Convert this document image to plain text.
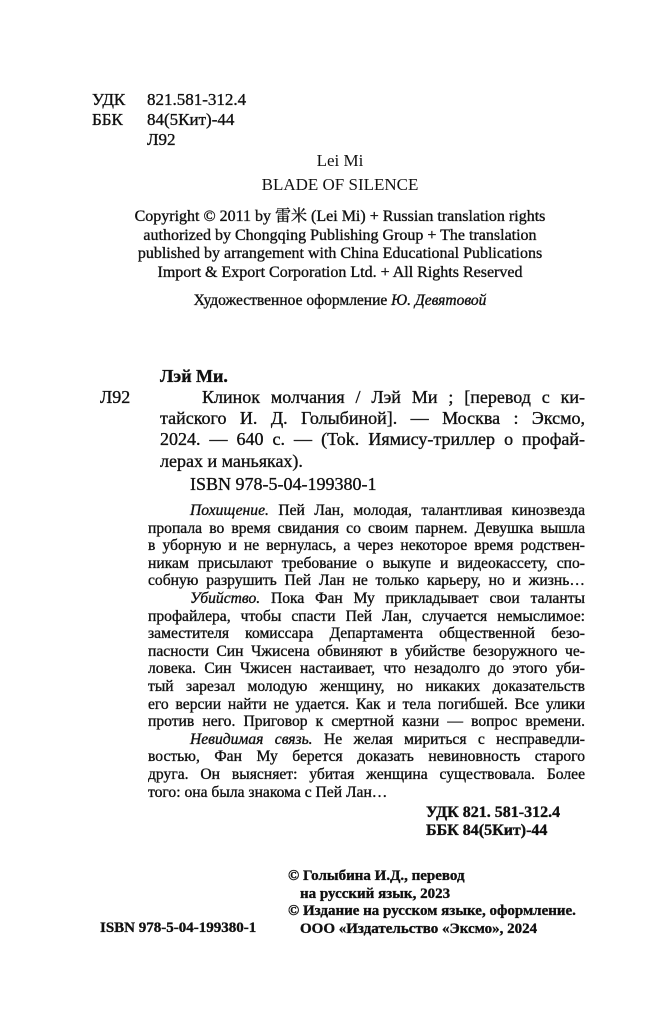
УДК 821.581-312.4
ББК 84(5Кит)-44
Л92
Lei Mi
BLADE OF SILENCE
Copyright © 2011 by 雷米 (Lei Mi) + Russian translation rights
authorized by Chongqing Publishing Group + The translation
published by arrangement with China Educational Publications
Import & Export Corporation Ltd. + All Rights Reserved
Художественное оформление Ю. Девятовой
Лэй Ми.
Л92	Клинок молчания / Лэй Ми ; [перевод с ки-
тайского И. Д. Голыбиной]. — Москва : Эксмо,
2024. — 640 с. — (Tok. Иямису-триллер о профай-
лерах и маньяках).
ISBN 978-5-04-199380-1
Похищение. Пей Лан, молодая, талантливая кинозвезда
пропала во время свидания со своим парнем. Девушка вышла
в уборную и не вернулась, а через некоторое время родствен-
никам присылают требование о выкупе и видеокассету, спо-
собную разрушить Пей Лан не только карьеру, но и жизнь…
Убийство. Пока Фан Му прикладывает свои таланты
профайлера, чтобы спасти Пей Лан, случается немыслимое:
заместителя комиссара Департамента общественной безо-
пасности Син Чжисена обвиняют в убийстве безоружного че-
ловека. Син Чжисен настаивает, что незадолго до этого уби-
тый зарезал молодую женщину, но никаких доказательств
его версии найти не удается. Как и тела погибшей. Все улики
против него. Приговор к смертной казни — вопрос времени.
Невидимая связь. Не желая мириться с несправедли-
востью, Фан Му берется доказать невиновность старого
друга. Он выясняет: убитая женщина существовала. Более
того: она была знакома с Пей Лан…
УДК 821. 581-312.4
ББК 84(5Кит)-44
© Голыбина И.Д., перевод
на русский язык, 2023
© Издание на русском языке, оформление.
ООО «Издательство «Эксмо», 2024
ISBN 978-5-04-199380-1
